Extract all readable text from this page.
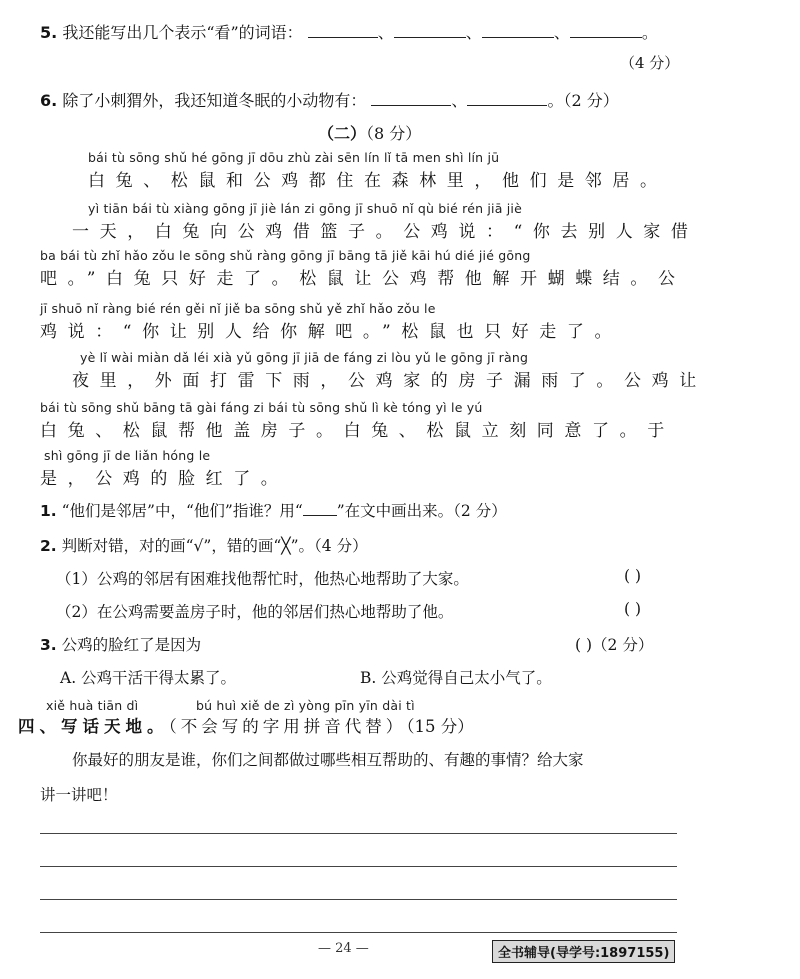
5. 我还能写出几个表示“看”的词语：	、	、	、	。
（4 分）
6. 除了小刺猬外，我还知道冬眠的小动物有：	、	。（2 分）
（二）（8 分）
bái tù sōng shǔ hé gōng jī dōu zhù zài sēn lín lǐ tā men shì lín jū
白兔、松鼠和公鸡都住在森林里，他们是邻居。
yì tiān bái tù xiàng gōng jī jiè lán zi gōng jī shuō nǐ qù bié rén jiā jiè
一天，白兔向公鸡借篮子。公鸡说：“你去别人家借
ba bái tù zhǐ hǎo zǒu le sōng shǔ ràng gōng jī bāng tā jiě kāi hú dié jié gōng
吧。”白兔只好走了。松鼠让公鸡帮他解开蝴蝶结。公
jī shuō nǐ ràng bié rén gěi nǐ jiě ba sōng shǔ yě zhǐ hǎo zǒu le
鸡说：“你让别人给你解吧。”松鼠也只好走了。
yè lǐ wài miàn dǎ léi xià yǔ gōng jī jiā de fáng zi lòu yǔ le gōng jī ràng
夜里，外面打雷下雨，公鸡家的房子漏雨了。公鸡让
bái tù sōng shǔ bāng tā gài fáng zi bái tù sōng shǔ lì kè tóng yì le yú
白兔、松鼠帮他盖房子。白兔、松鼠立刻同意了。于
shì gōng jī de liǎn hóng le
是，公鸡的脸红了。
1. “他们是邻居”中，“他们”指谁？用“ ”在文中画出来。（2 分）
2. 判断对错，对的画“√”，错的画“╳”。（4 分）
（1）公鸡的邻居有困难找他帮忙时，他热心地帮助了大家。	( )
（2）在公鸡需要盖房子时，他的邻居们热心地帮助了他。	( )
3. 公鸡的脸红了是因为	( )（2 分）
A. 公鸡干活干得太累了。	B. 公鸡觉得自己太小气了。
xiě huà tiān dì	bú huì xiě de zì yòng pīn yīn dài tì
四、写话天地。（不会写的字用拼音代替）（15 分）
你最好的朋友是谁，你们之间都做过哪些相互帮助的、有趣的事情？给大家
讲一讲吧！
— 24 —	全书辅导(导学号:1897155)
